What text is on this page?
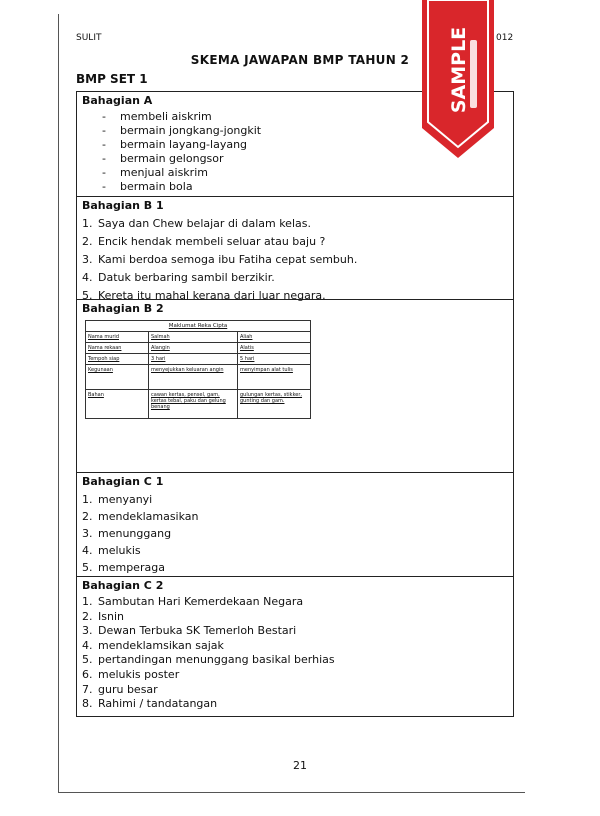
SULIT	012
SKEMA JAWAPAN BMP TAHUN 2
BMP SET 1
Bahagian A
- membeli aiskrim
- bermain jongkang-jongkit
- bermain layang-layang
- bermain gelongsor
- menjual aiskrim
- bermain bola
Bahagian B 1
1. Saya dan Chew belajar di dalam kelas.
2. Encik hendak membeli seluar atau baju ?
3. Kami berdoa semoga ibu Fatiha cepat sembuh.
4. Datuk berbaring sambil berzikir.
5. Kereta itu mahal kerana dari luar negara.
Bahagian B 2
Maklumat Reka Cipta		
Nama murid	Salmah	Aliah
Nama rekaan	Alangin	Alatis
Tempoh siap	3 hari	5 hari
Kegunaan	menyejukkan keluaran angin	menyimpan alat tulis
Bahan	cawan kertas, pensel, gam, kertas tebal, paku dan gelung benang	gulungan kertas, stikker, gunting dan gam.
Bahagian C 1
1. menyanyi
2. mendeklamasikan
3. menunggang
4. melukis
5. memperaga
Bahagian C 2
1. Sambutan Hari Kemerdekaan Negara
2. Isnin
3. Dewan Terbuka SK Temerloh Bestari
4. mendeklamsikan sajak
5. pertandingan menunggang basikal berhias
6. melukis poster
7. guru besar
8. Rahimi / tandatangan
21
SAMPLE
